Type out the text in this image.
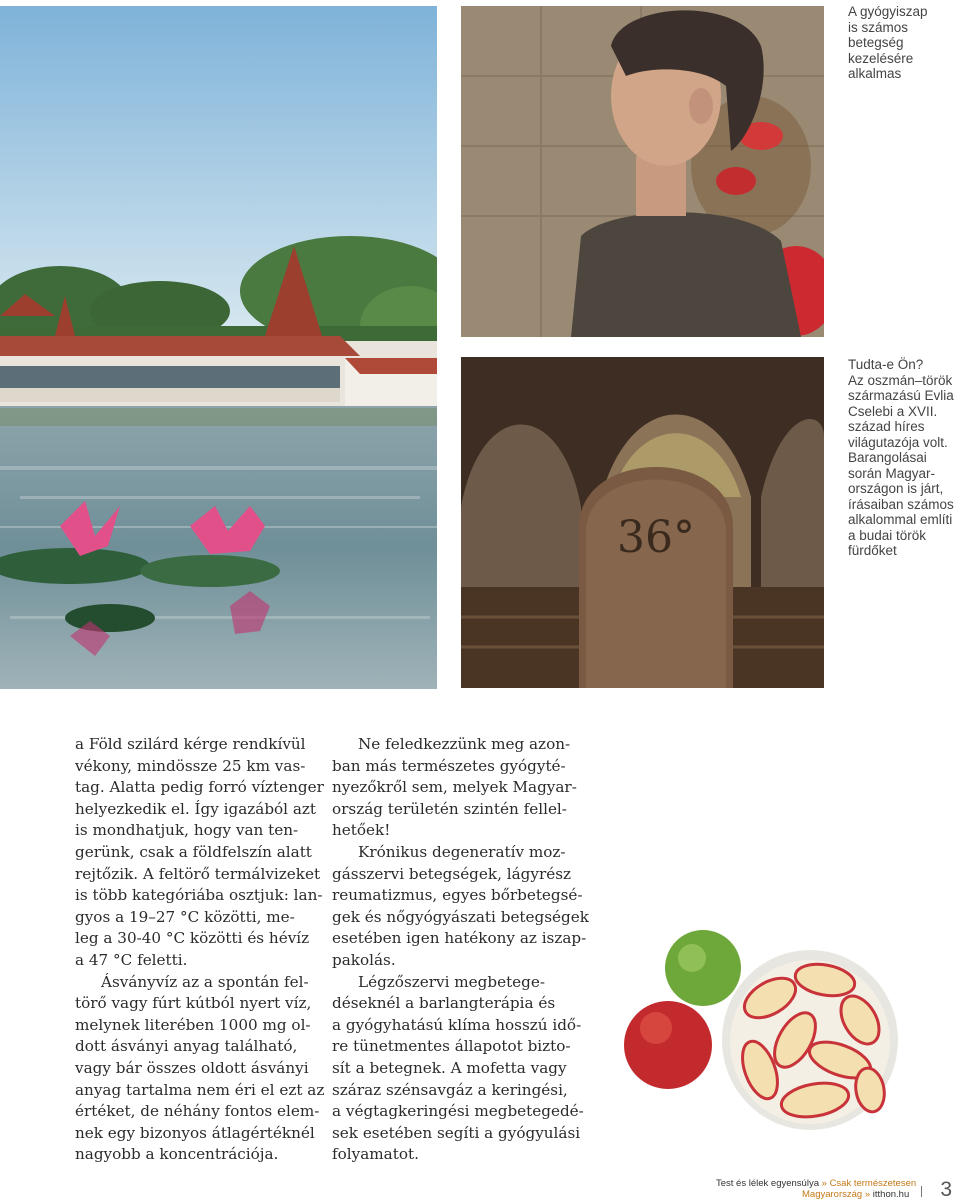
36°
A gyógyiszap
is számos
betegség
kezelésére
alkalmas
Tudta-e Ön?
Az oszmán–török
származású Evlia
Cselebi a XVII.
század híres
világutazója volt.
Barangolásai
során Magyar-
országon is járt,
írásaiban számos
alkalommal említi
a budai török
fürdőket

a Föld szilárd kérge rendkívül
vékony, mindössze 25 km vas-
tag. Alatta pedig forró víztenger
helyezkedik el. Így igazából azt
is mondhatjuk, hogy van ten-
gerünk, csak a földfelszín alatt
rejtőzik. A feltörő termálvizeket
is több kategóriába osztjuk: lan-
gyos a 19–27 °C közötti, me-
leg a 30-40 °C közötti és hévíz
a 47 °C feletti.

Ásványvíz az a spontán fel-
törő vagy fúrt kútból nyert víz,
melynek literében 1000 mg ol-
dott ásványi anyag található,
vagy bár összes oldott ásványi
anyag tartalma nem éri el ezt az
értéket, de néhány fontos elem-
nek egy bizonyos átlagértéknél
nagyobb a koncentrációja.

Ne feledkezzünk meg azon-
ban más természetes gyógyté-
nyezőkről sem, melyek Magyar-
ország területén szintén fellel-
hetőek!

Krónikus degeneratív moz-
gásszervi betegségek, lágyrész
reumatizmus, egyes bőrbetegsé-
gek és nőgyógyászati betegségek
esetében igen hatékony az iszap-
pakolás.

Légzőszervi megbetege-
déseknél a barlangterápia és
a gyógyhatású klíma hosszú idő-
re tünetmentes állapotot bizto-
sít a betegnek. A mofetta vagy
száraz szénsavgáz a keringési,
a végtagkeringési megbetegedé-
sek esetében segíti a gyógyulási
folyamatot.

Test és lélek egyensúlya » Csak természetesen
Magyarország » itthon.hu 3
